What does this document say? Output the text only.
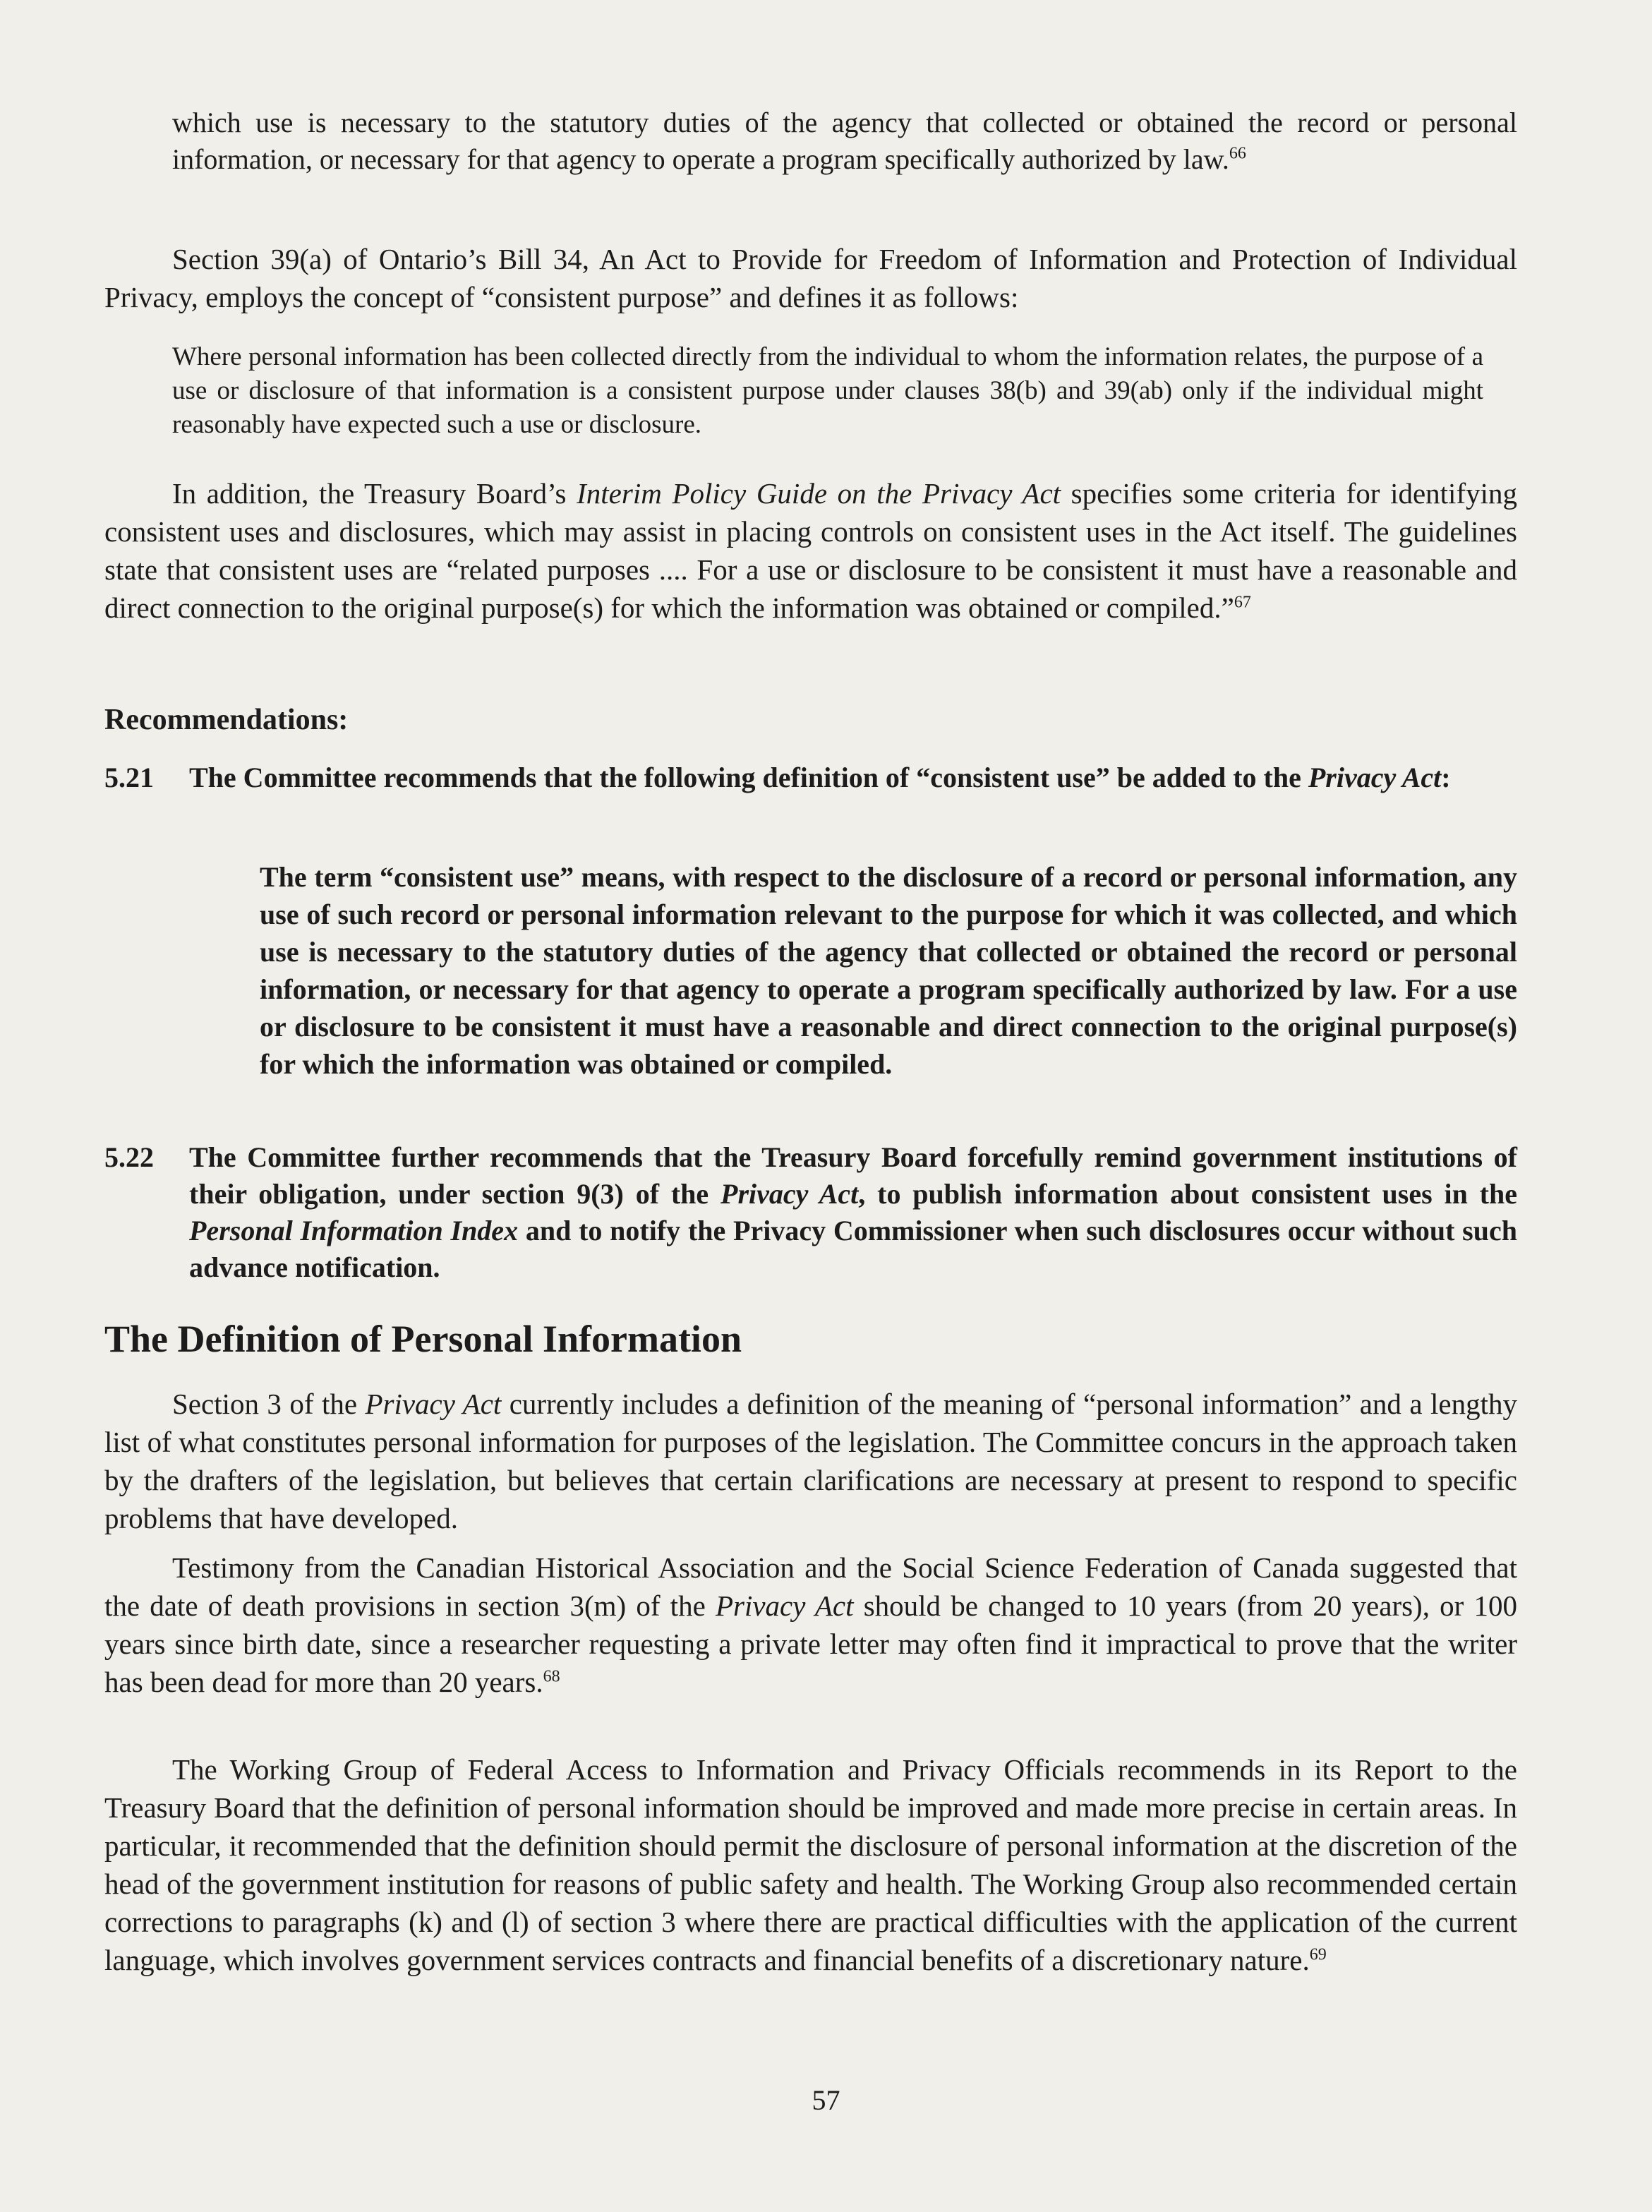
which use is necessary to the statutory duties of the agency that collected or obtained the record or personal information, or necessary for that agency to operate a program specifically authorized by law.$^{66}$

Section 39(a) of Ontario’s Bill 34, An Act to Provide for Freedom of Information and Protection of Individual Privacy, employs the concept of “consistent purpose” and defines it as follows:

Where personal information has been collected directly from the individual to whom the information relates, the purpose of a use or disclosure of that information is a consistent purpose under clauses 38(b) and 39(ab) only if the individual might reasonably have expected such a use or disclosure.

In addition, the Treasury Board’s Interim Policy Guide on the Privacy Act specifies some criteria for identifying consistent uses and disclosures, which may assist in placing controls on consistent uses in the Act itself. The guidelines state that consistent uses are “related purposes .... For a use or disclosure to be consistent it must have a reasonable and direct connection to the original purpose(s) for which the information was obtained or compiled.”$^{67}$

Recommendations:

5.21	The Committee recommends that the following definition of “consistent use” be added to the Privacy Act:

The term “consistent use” means, with respect to the disclosure of a record or personal information, any use of such record or personal information relevant to the purpose for which it was collected, and which use is necessary to the statutory duties of the agency that collected or obtained the record or personal information, or necessary for that agency to operate a program specifically authorized by law. For a use or disclosure to be consistent it must have a reasonable and direct connection to the original purpose(s) for which the information was obtained or compiled.

5.22	The Committee further recommends that the Treasury Board forcefully remind government institutions of their obligation, under section 9(3) of the Privacy Act, to publish information about consistent uses in the Personal Information Index and to notify the Privacy Commissioner when such disclosures occur without such advance notification.

The Definition of Personal Information

Section 3 of the Privacy Act currently includes a definition of the meaning of “personal information” and a lengthy list of what constitutes personal information for purposes of the legislation. The Committee concurs in the approach taken by the drafters of the legislation, but believes that certain clarifications are necessary at present to respond to specific problems that have developed.

Testimony from the Canadian Historical Association and the Social Science Federation of Canada suggested that the date of death provisions in section 3(m) of the Privacy Act should be changed to 10 years (from 20 years), or 100 years since birth date, since a researcher requesting a private letter may often find it impractical to prove that the writer has been dead for more than 20 years.$^{68}$

The Working Group of Federal Access to Information and Privacy Officials recommends in its Report to the Treasury Board that the definition of personal information should be improved and made more precise in certain areas. In particular, it recommended that the definition should permit the disclosure of personal information at the discretion of the head of the government institution for reasons of public safety and health. The Working Group also recommended certain corrections to paragraphs (k) and (l) of section 3 where there are practical difficulties with the application of the current language, which involves government services contracts and financial benefits of a discretionary nature.$^{69}$

57
